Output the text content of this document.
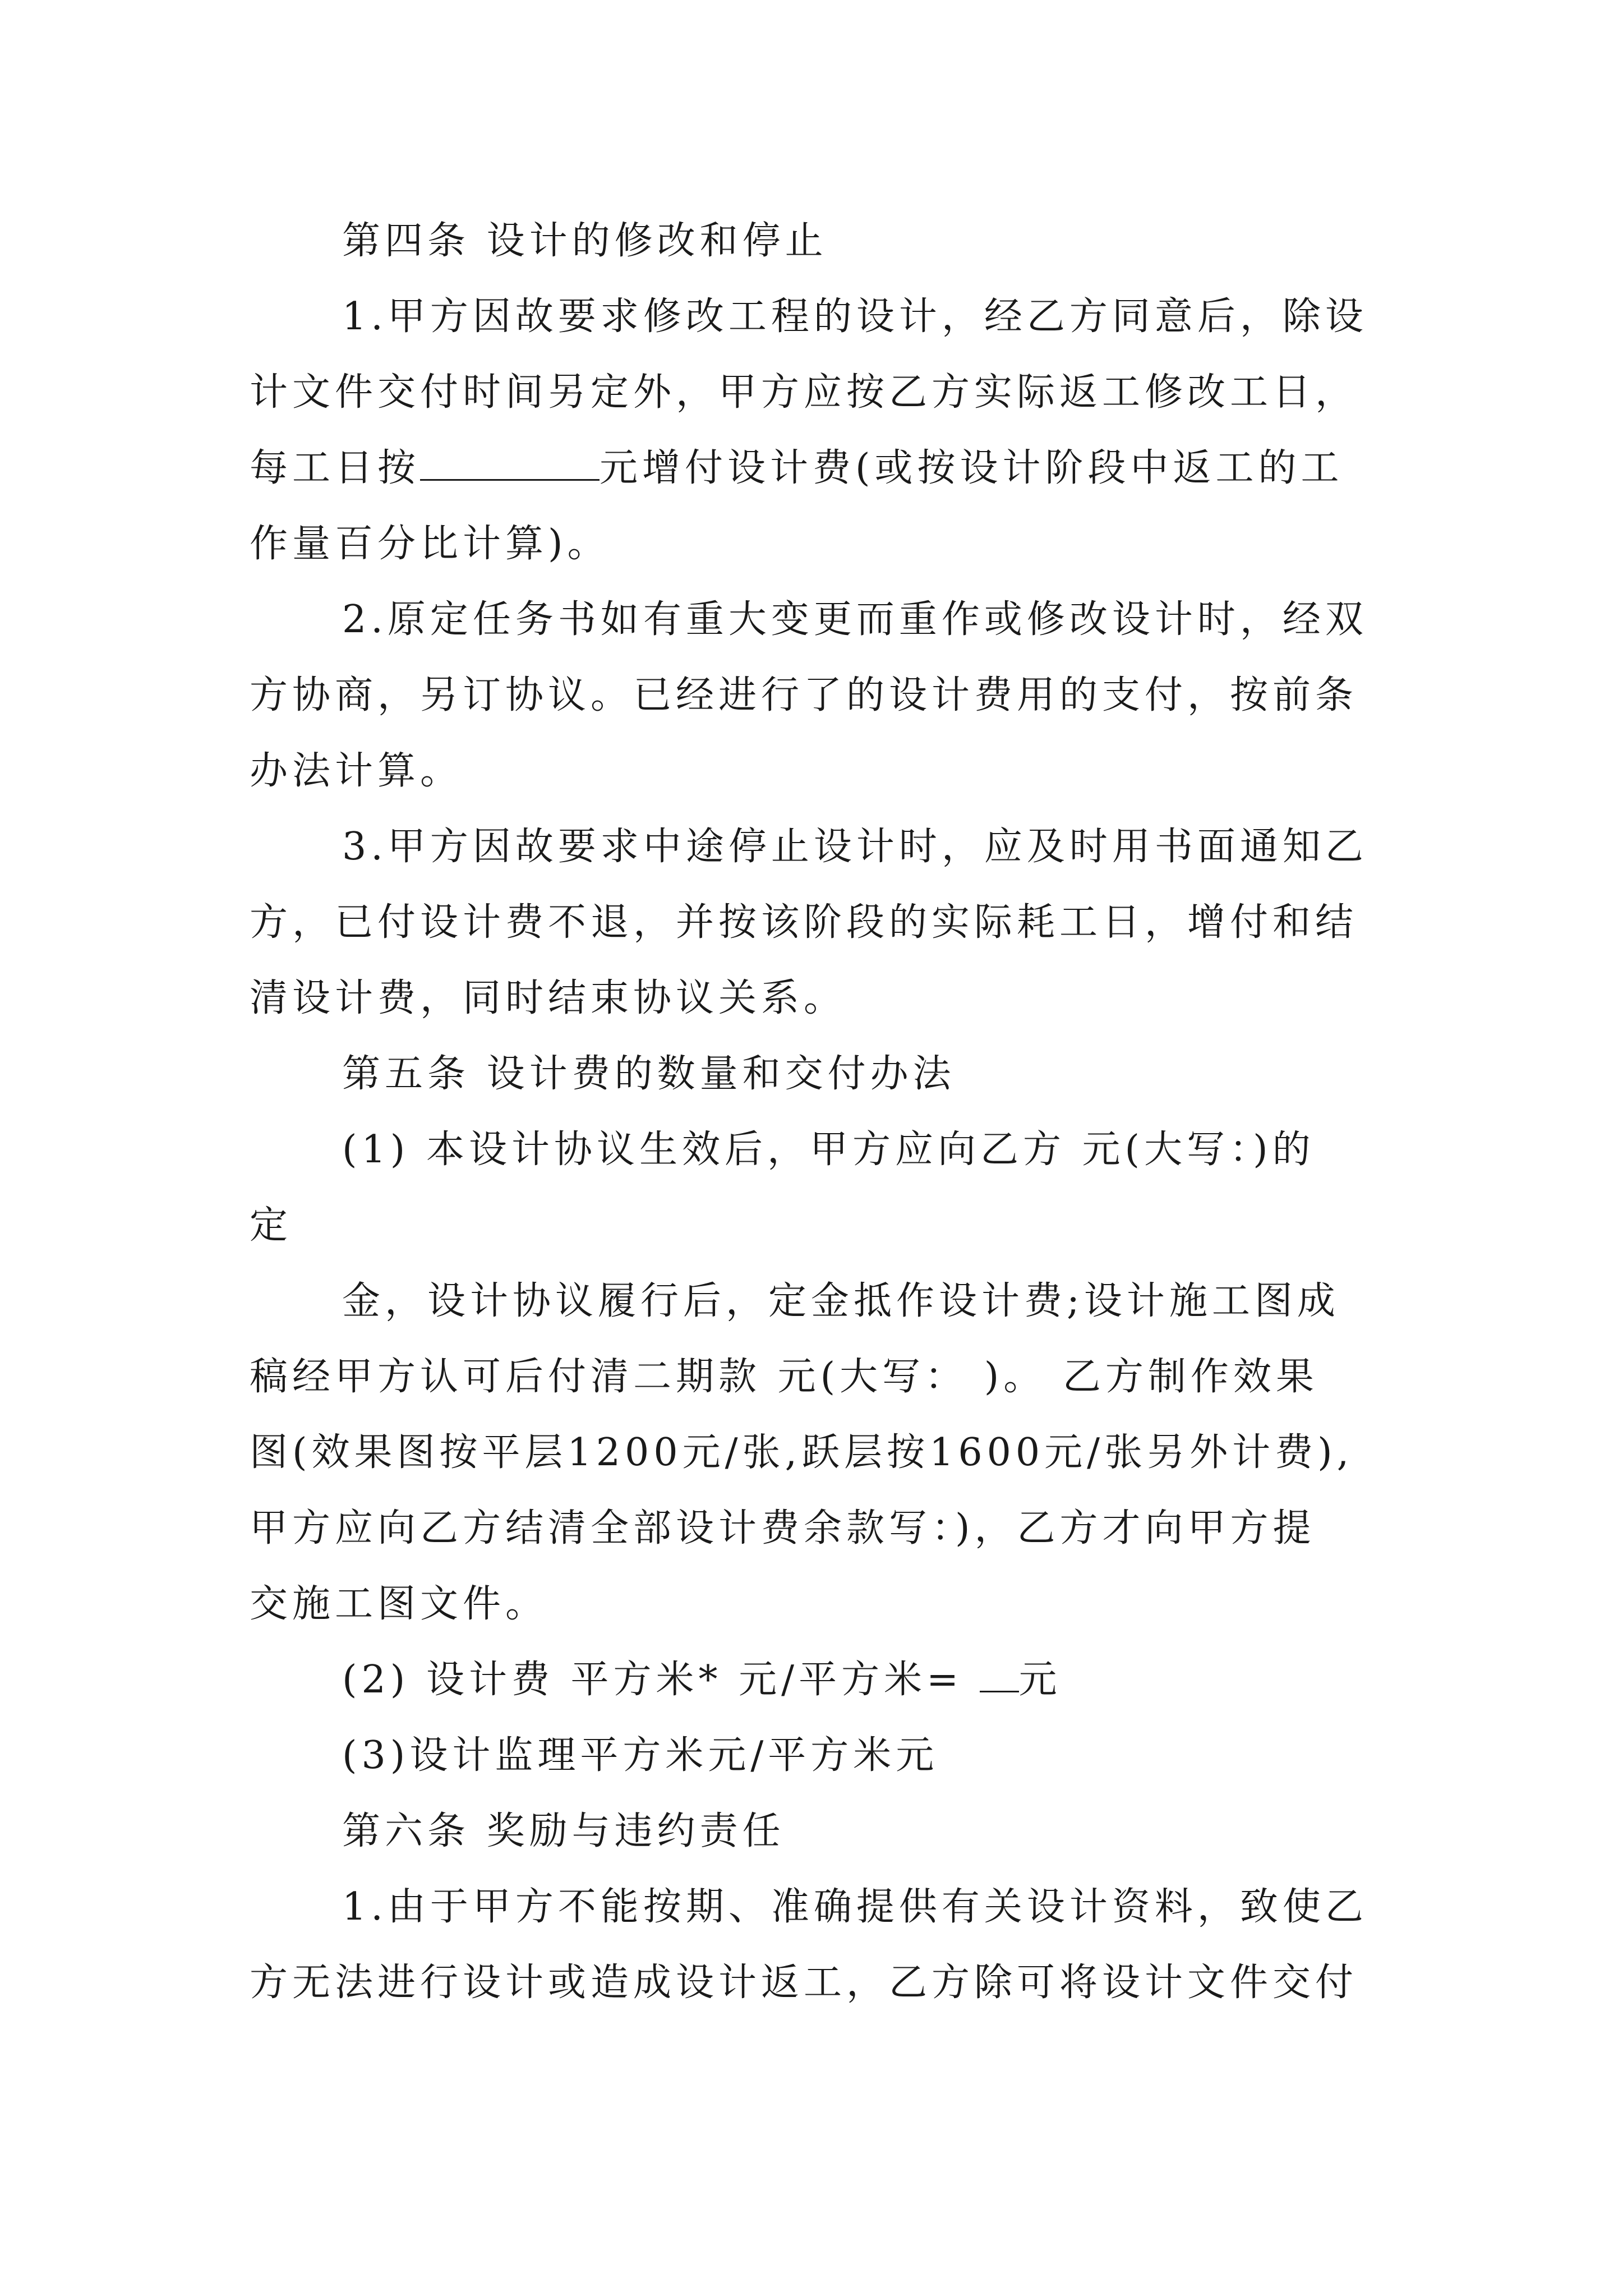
第四条 设计的修改和停止
1.甲方因故要求修改工程的设计，经乙方同意后，除设
计文件交付时间另定外，甲方应按乙方实际返工修改工日，
每工日按	元增付设计费(或按设计阶段中返工的工
作量百分比计算)。
2.原定任务书如有重大变更而重作或修改设计时，经双
方协商，另订协议。已经进行了的设计费用的支付，按前条
办法计算。
3.甲方因故要求中途停止设计时，应及时用书面通知乙
方，已付设计费不退，并按该阶段的实际耗工日，增付和结
清设计费，同时结束协议关系。
第五条 设计费的数量和交付办法
(1) 本设计协议生效后，甲方应向乙方 元(大写：)的
定
金，设计协议履行后，定金抵作设计费;设计施工图成
稿经甲方认可后付清二期款 元(大写： )。 乙方制作效果
图(效果图按平层1200元/张,跃层按1600元/张另外计费),
甲方应向乙方结清全部设计费余款写：)，乙方才向甲方提
交施工图文件。
(2) 设计费 平方米* 元/平方米= 元
(3)设计监理平方米元/平方米元
第六条 奖励与违约责任
1.由于甲方不能按期、准确提供有关设计资料，致使乙
方无法进行设计或造成设计返工，乙方除可将设计文件交付
